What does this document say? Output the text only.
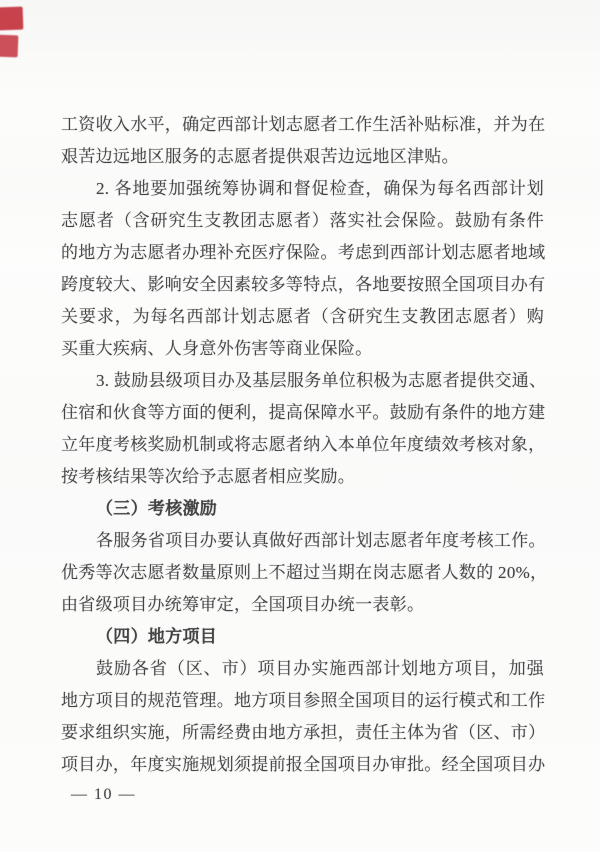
工资收入水平，确定西部计划志愿者工作生活补贴标准，并为在
艰苦边远地区服务的志愿者提供艰苦边远地区津贴。
2. 各地要加强统筹协调和督促检查，确保为每名西部计划
志愿者（含研究生支教团志愿者）落实社会保险。鼓励有条件
的地方为志愿者办理补充医疗保险。考虑到西部计划志愿者地域
跨度较大、影响安全因素较多等特点，各地要按照全国项目办有
关要求，为每名西部计划志愿者（含研究生支教团志愿者）购
买重大疾病、人身意外伤害等商业保险。
3. 鼓励县级项目办及基层服务单位积极为志愿者提供交通、
住宿和伙食等方面的便利，提高保障水平。鼓励有条件的地方建
立年度考核奖励机制或将志愿者纳入本单位年度绩效考核对象，
按考核结果等次给予志愿者相应奖励。
（三）考核激励
各服务省项目办要认真做好西部计划志愿者年度考核工作。
优秀等次志愿者数量原则上不超过当期在岗志愿者人数的 20%，
由省级项目办统筹审定，全国项目办统一表彰。
（四）地方项目
鼓励各省（区、市）项目办实施西部计划地方项目，加强
地方项目的规范管理。地方项目参照全国项目的运行模式和工作
要求组织实施，所需经费由地方承担，责任主体为省（区、市）
项目办，年度实施规划须提前报全国项目办审批。经全国项目办
— 10 —
